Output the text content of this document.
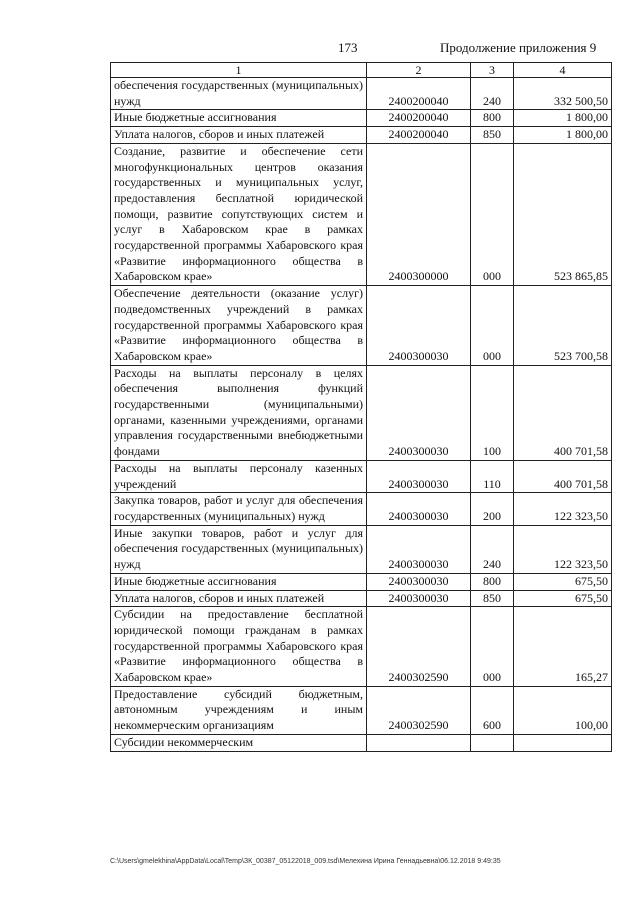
173	Продолжение приложения 9
1	2	3	4
обеспечения государственных (муниципальных) нужд	2400200040	240	332 500,50
Иные бюджетные ассигнования	2400200040	800	1 800,00
Уплата налогов, сборов и иных платежей	2400200040	850	1 800,00
Создание, развитие и обеспечение сети многофункциональных центров оказания государственных и муниципальных услуг, предоставления бесплатной юридической помощи, развитие сопутствующих систем и услуг в Хабаровском крае в рамках государственной программы Хабаровского края «Развитие информационного общества в Хабаровском крае»	2400300000	000	523 865,85
Обеспечение деятельности (оказание услуг) подведомственных учреждений в рамках государственной программы Хабаровского края «Развитие информационного общества в Хабаровском крае»	2400300030	000	523 700,58
Расходы на выплаты персоналу в целях обеспечения выполнения функций государственными (муниципальными) органами, казенными учреждениями, органами управления государственными внебюджетными фондами	2400300030	100	400 701,58
Расходы на выплаты персоналу казенных учреждений	2400300030	110	400 701,58
Закупка товаров, работ и услуг для обеспечения государственных (муниципальных) нужд	2400300030	200	122 323,50
Иные закупки товаров, работ и услуг для обеспечения государственных (муниципальных) нужд	2400300030	240	122 323,50
Иные бюджетные ассигнования	2400300030	800	675,50
Уплата налогов, сборов и иных платежей	2400300030	850	675,50
Субсидии на предоставление бесплатной юридической помощи гражданам в рамках государственной программы Хабаровского края «Развитие информационного общества в Хабаровском крае»	2400302590	000	165,27
Предоставление субсидий бюджетным, автономным учреждениям и иным некоммерческим организациям	2400302590	600	100,00
Субсидии некоммерческим			
C:\Users\gmelekhina\AppData\Local\Temp\ЗК_00387_05122018_009.tsd\Мелехина Ирина Геннадьевна\06.12.2018 9:49:35
